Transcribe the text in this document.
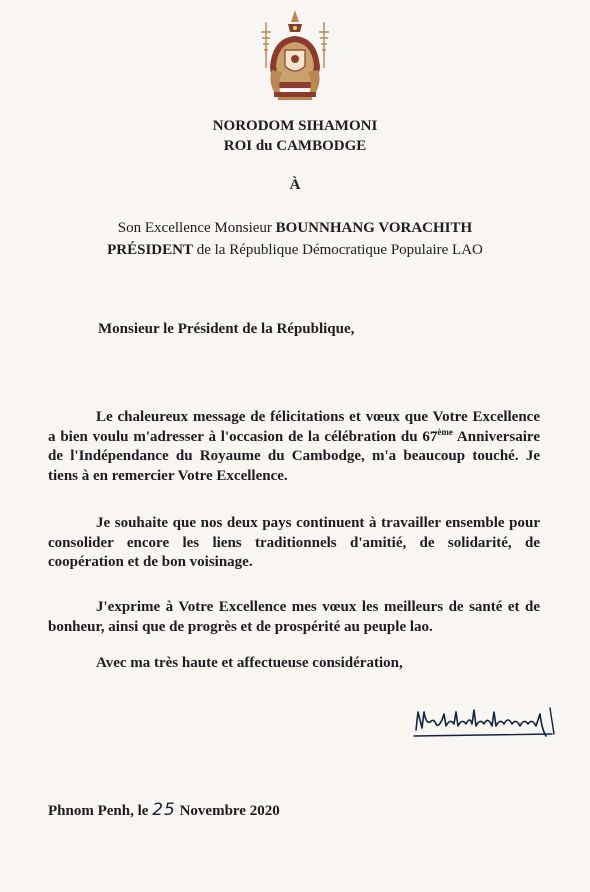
NORODOM SIHAMONI
ROI du CAMBODGE
À
Son Excellence Monsieur BOUNNHANG VORACHITH
PRÉSIDENT de la République Démocratique Populaire LAO
Monsieur le Président de la République,
Le chaleureux message de félicitations et vœux que Votre Excellence a bien voulu m'adresser à l'occasion de la célébration du 67ème Anniversaire de l'Indépendance du Royaume du Cambodge, m'a beaucoup touché. Je tiens à en remercier Votre Excellence.
Je souhaite que nos deux pays continuent à travailler ensemble pour consolider encore les liens traditionnels d'amitié, de solidarité, de coopération et de bon voisinage.
J'exprime à Votre Excellence mes vœux les meilleurs de santé et de bonheur, ainsi que de progrès et de prospérité au peuple lao.
Avec ma très haute et affectueuse considération,
Phnom Penh, le 25 Novembre 2020
